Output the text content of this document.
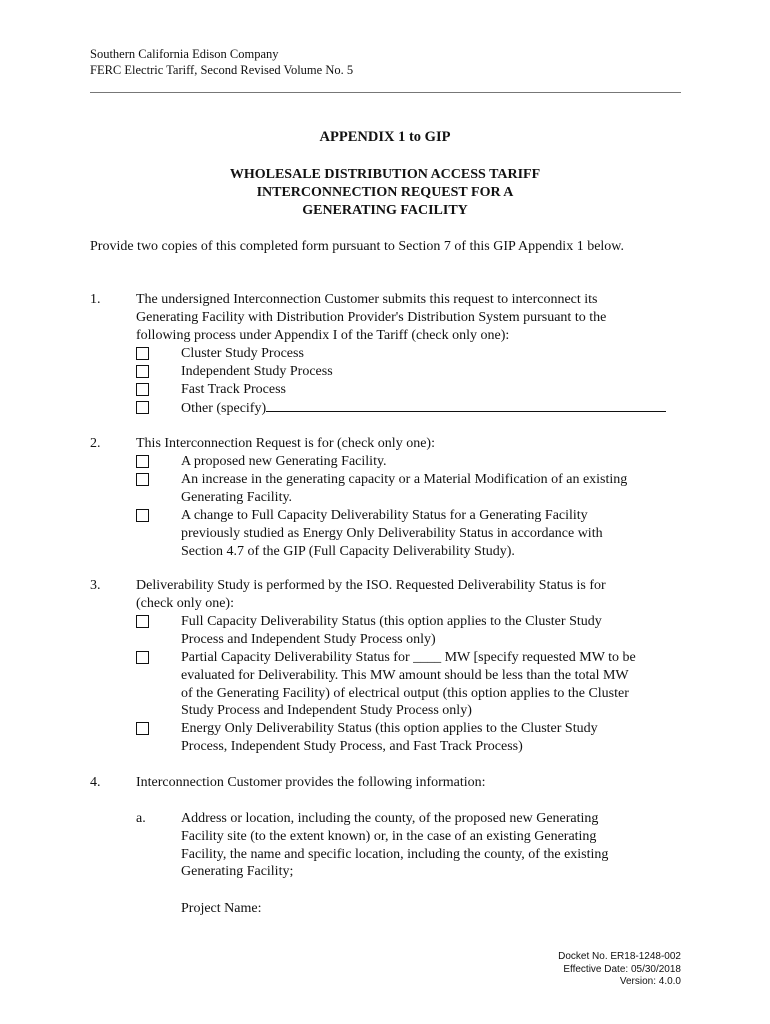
Southern California Edison Company
FERC Electric Tariff, Second Revised Volume No. 5
APPENDIX 1 to GIP
WHOLESALE DISTRIBUTION ACCESS TARIFF
INTERCONNECTION REQUEST FOR A
GENERATING FACILITY
Provide two copies of this completed form pursuant to Section 7 of this GIP Appendix 1 below.
1.	The undersigned Interconnection Customer submits this request to interconnect its
Generating Facility with Distribution Provider's Distribution System pursuant to the
following process under Appendix I of the Tariff (check only one):
Cluster Study Process
Independent Study Process
Fast Track Process
Other (specify)
2.	This Interconnection Request is for (check only one):
A proposed new Generating Facility.
An increase in the generating capacity or a Material Modification of an existing
Generating Facility.
A change to Full Capacity Deliverability Status for a Generating Facility
previously studied as Energy Only Deliverability Status in accordance with
Section 4.7 of the GIP (Full Capacity Deliverability Study).
3.	Deliverability Study is performed by the ISO. Requested Deliverability Status is for
(check only one):
Full Capacity Deliverability Status (this option applies to the Cluster Study
Process and Independent Study Process only)
Partial Capacity Deliverability Status for ____ MW [specify requested MW to be
evaluated for Deliverability. This MW amount should be less than the total MW
of the Generating Facility) of electrical output (this option applies to the Cluster
Study Process and Independent Study Process only)
Energy Only Deliverability Status (this option applies to the Cluster Study
Process, Independent Study Process, and Fast Track Process)
4.	Interconnection Customer provides the following information:
a.	Address or location, including the county, of the proposed new Generating
Facility site (to the extent known) or, in the case of an existing Generating
Facility, the name and specific location, including the county, of the existing
Generating Facility;
Project Name:
Docket No. ER18-1248-002
Effective Date: 05/30/2018
Version: 4.0.0
